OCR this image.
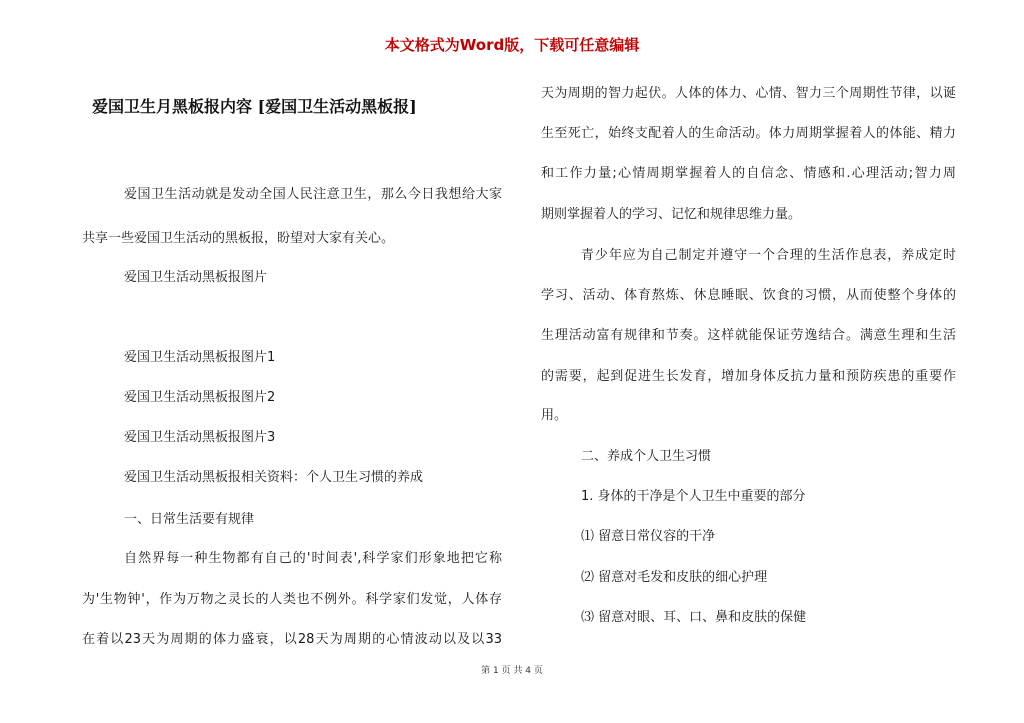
本文格式为Word版，下载可任意编辑
爱国卫生月黑板报内容 [爱国卫生活动黑板报]
爱国卫生活动就是发动全国人民注意卫生，那么今日我想给大家
共享一些爱国卫生活动的黑板报，盼望对大家有关心。
爱国卫生活动黑板报图片
爱国卫生活动黑板报图片1
爱国卫生活动黑板报图片2
爱国卫生活动黑板报图片3
爱国卫生活动黑板报相关资料：个人卫生习惯的养成
一、日常生活要有规律
自然界每一种生物都有自己的'时间表',科学家们形象地把它称
为'生物钟'，作为万物之灵长的人类也不例外。科学家们发觉，人体存
在着以23天为周期的体力盛衰，以28天为周期的心情波动以及以33
天为周期的智力起伏。人体的体力、心情、智力三个周期性节律，以诞
生至死亡，始终支配着人的生命活动。体力周期掌握着人的体能、精力
和工作力量;心情周期掌握着人的自信念、情感和.心理活动;智力周
期则掌握着人的学习、记忆和规律思维力量。
青少年应为自己制定并遵守一个合理的生活作息表，养成定时
学习、活动、体育熬炼、休息睡眠、饮食的习惯，从而使整个身体的
生理活动富有规律和节奏。这样就能保证劳逸结合。满意生理和生活
的需要，起到促进生长发育，增加身体反抗力量和预防疾患的重要作
用。
二、养成个人卫生习惯
1. 身体的干净是个人卫生中重要的部分
⑴ 留意日常仪容的干净
⑵ 留意对毛发和皮肤的细心护理
⑶ 留意对眼、耳、口、鼻和皮肤的保健
第 1 页 共 4 页
